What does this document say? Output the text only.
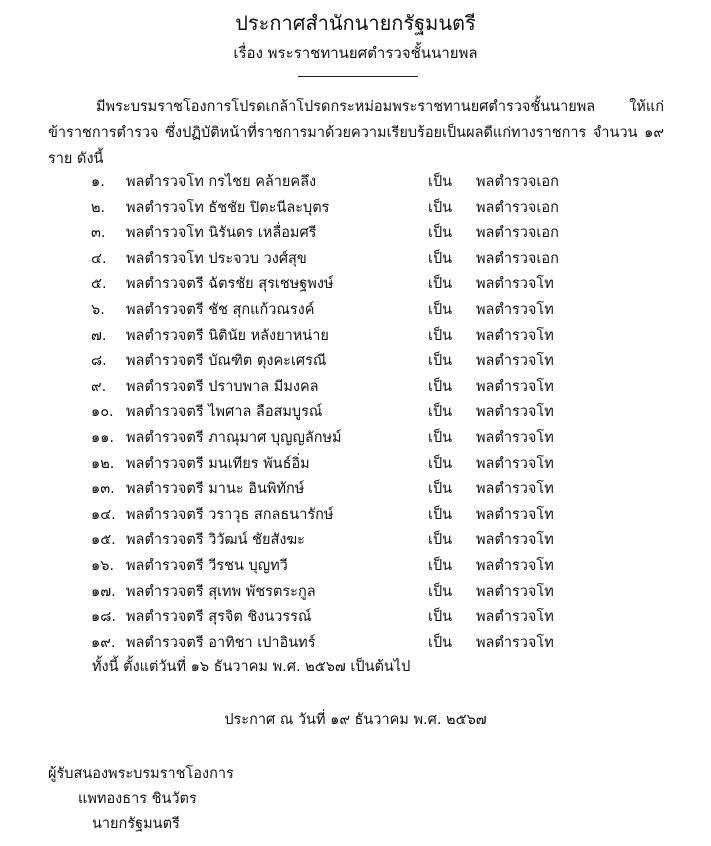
ประกาศสำนักนายกรัฐมนตรี
เรื่อง พระราชทานยศตำรวจชั้นนายพล

มีพระบรมราชโองการโปรดเกล้าโปรดกระหม่อมพระราชทานยศตำรวจชั้นนายพล ให้แก่ข้าราชการตำรวจ ซึ่งปฏิบัติหน้าที่ราชการมาด้วยความเรียบร้อยเป็นผลดีแก่ทางราชการ จำนวน ๑๙ ราย ดังนี้

๑. พลตำรวจโท กรไชย คล้ายคลึง	เป็น พลตำรวจเอก
๒. พลตำรวจโท ธัชชัย ปิตะนีละบุตร	เป็น พลตำรวจเอก
๓. พลตำรวจโท นิรันดร เหลื่อมศรี	เป็น พลตำรวจเอก
๔. พลตำรวจโท ประจวบ วงศ์สุข	เป็น พลตำรวจเอก
๕. พลตำรวจตรี ฉัตรชัย สุรเชษฐพงษ์	เป็น พลตำรวจโท
๖. พลตำรวจตรี ชัช สุกแก้วณรงค์	เป็น พลตำรวจโท
๗. พลตำรวจตรี นิตินัย หลังยาหน่าย	เป็น พลตำรวจโท
๘. พลตำรวจตรี บัณฑิต ตุงคะเศรณี	เป็น พลตำรวจโท
๙. พลตำรวจตรี ปราบพาล มีมงคล	เป็น พลตำรวจโท
๑๐. พลตำรวจตรี ไพศาล ลือสมบูรณ์	เป็น พลตำรวจโท
๑๑. พลตำรวจตรี ภาณุมาศ บุญญลักษม์	เป็น พลตำรวจโท
๑๒. พลตำรวจตรี มนเทียร พันธ์อิ่ม	เป็น พลตำรวจโท
๑๓. พลตำรวจตรี มานะ อินพิทักษ์	เป็น พลตำรวจโท
๑๔. พลตำรวจตรี วราวุธ สกลธนารักษ์	เป็น พลตำรวจโท
๑๕. พลตำรวจตรี วิวัฒน์ ชัยสังฆะ	เป็น พลตำรวจโท
๑๖. พลตำรวจตรี วีรชน บุญทวี	เป็น พลตำรวจโท
๑๗. พลตำรวจตรี สุเทพ พัชรตระกูล	เป็น พลตำรวจโท
๑๘. พลตำรวจตรี สุรจิต ชิงนวรรณ์	เป็น พลตำรวจโท
๑๙. พลตำรวจตรี อาทิชา เปาอินทร์	เป็น พลตำรวจโท
ทั้งนี้ ตั้งแต่วันที่ ๑๖ ธันวาคม พ.ศ. ๒๕๖๗ เป็นต้นไป
ประกาศ ณ วันที่ ๑๙ ธันวาคม พ.ศ. ๒๕๖๗
ผู้รับสนองพระบรมราชโองการ
แพทองธาร ชินวัตร
นายกรัฐมนตรี
